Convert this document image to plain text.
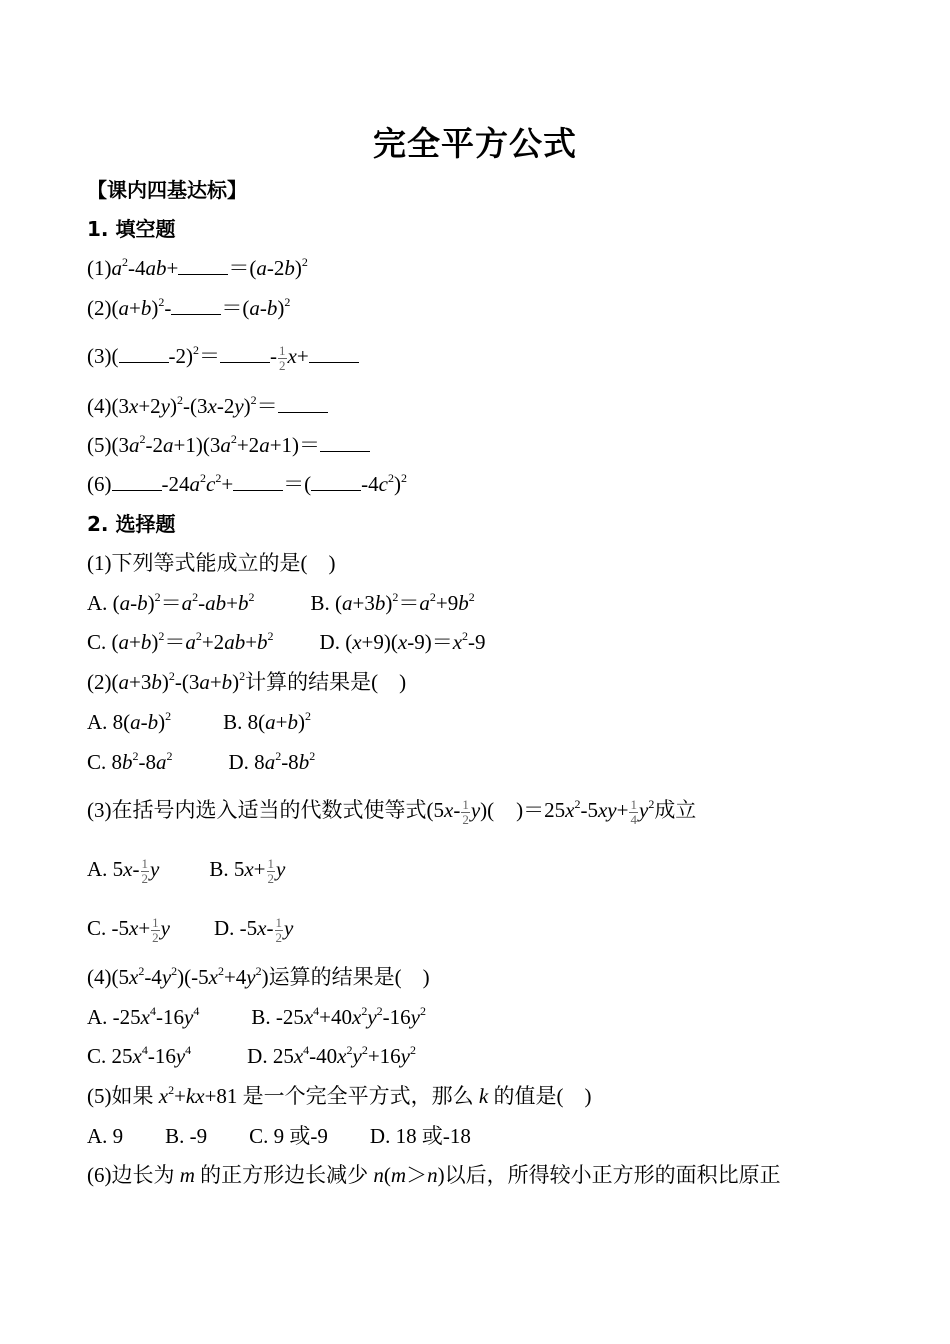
完全平方公式
【课内四基达标】
1. 填空题
$(1)a^2-4ab+ =(a-2b)^2$
$(2)(a+b)^2- =(a-b)^2$
(3)( $-2)^2= - \frac{1}{2} x+$
$(4)(3x+2y)^2-(3x-2y)^2=$
$(5)(3a^2-2a+1)(3a^2+2a+1)=$
(6) $-24a^2c^2+$ ＝( $-4c^2)^2$
2. 选择题
(1)下列等式能成立的是(　)
A. $(a-b)^2=a^2-ab+b^2$	B. $(a+3b)^2=a^2+9b^2$
C. $(a+b)^2=a^2+2ab+b^2$ D. $(x+9)(x-9)=x^2-9$
$(2)(a+3b)^2-(3a+b)^2$计算的结果是(　)
A. $8(a-b)^2$ B. $8(a+b)^2$
C. $8b^2-8a^2$	D. $8a^2-8b^2$
(3)在括号内选入适当的代数式使等式$(5x- \frac{1}{2} y)$( )$=25x^2-5xy+ \frac{1}{4} y^2$成立
A. $5x- \frac{1}{2}$ y B. $5x+ \frac{1}{2}$ y
C. $-5x+ \frac{1}{2}$ y D. $-5x- \frac{1}{2}$ y
$(4)(5x^2-4y^2)(-5x^2+4y^2)$运算的结果是(　)
A. $-25x^4-16y^4$ B. $-25x^4+40x^2y^2-16y^2$
C. $25x^4-16y^4$	D. $25x^4-40x^2y^2+16y^2$
(5)如果 $x^2+kx+81$ 是一个完全平方式，那么 k 的值是(　)
A. 9　　B. -9　　C. 9 或-9　　D. 18 或-18
(6)边长为 m 的正方形边长减少 n(m＞n)以后，所得较小正方形的面积比原正
